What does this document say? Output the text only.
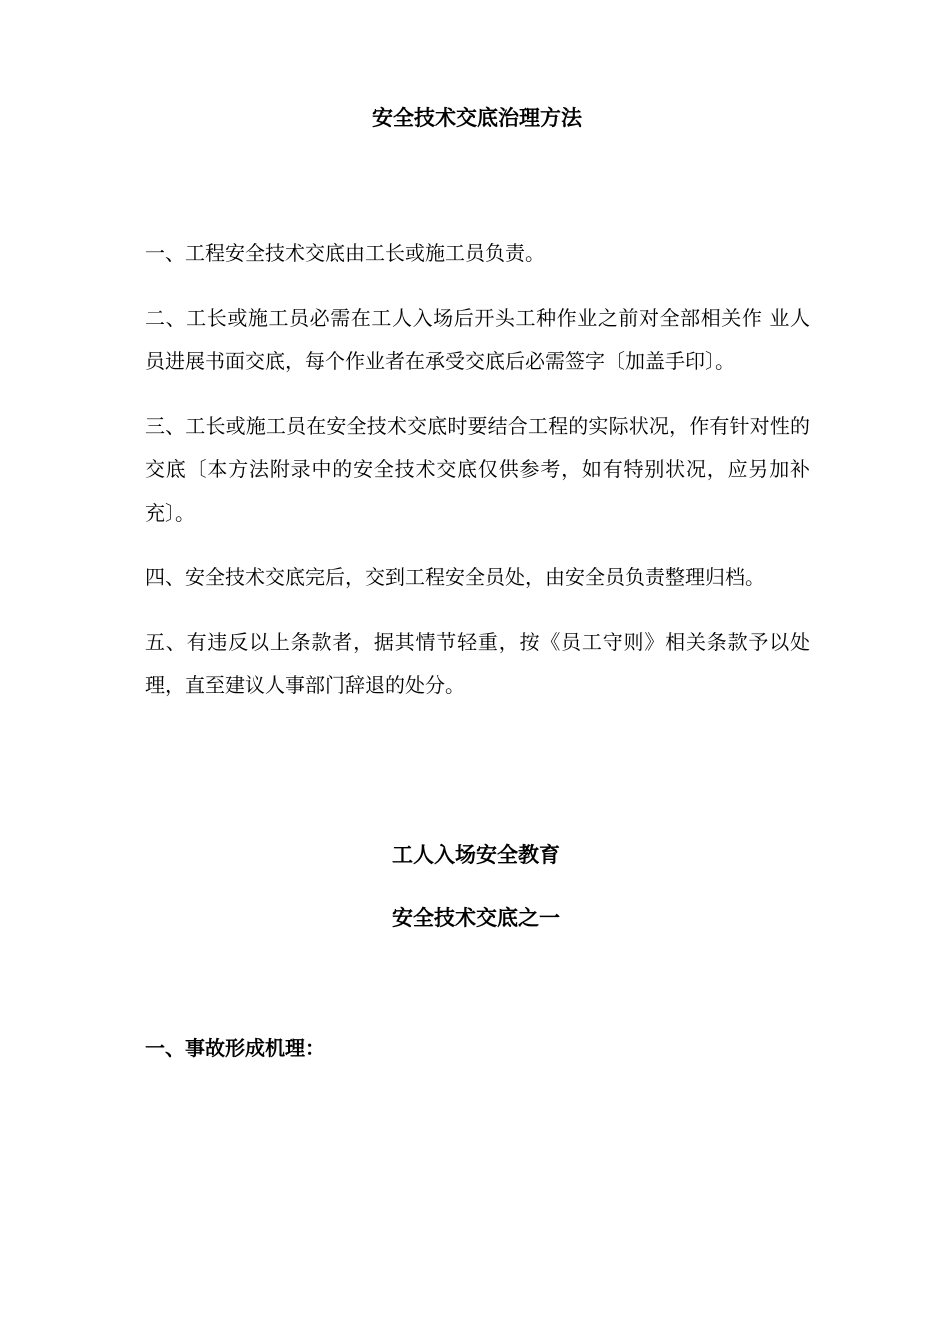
安全技术交底治理方法

一、工程安全技术交底由工长或施工员负责。

二、工长或施工员必需在工人入场后开头工种作业之前对全部相关作 业人员进展书面交底，每个作业者在承受交底后必需签字〔加盖手印〕。

三、工长或施工员在安全技术交底时要结合工程的实际状况，作有针对性的交底〔本方法附录中的安全技术交底仅供参考，如有特别状况，应另加补充〕。

四、安全技术交底完后，交到工程安全员处，由安全员负责整理归档。

五、有违反以上条款者，据其情节轻重，按《员工守则》相关条款予以处理，直至建议人事部门辞退的处分。

工人入场安全教育
安全技术交底之一
一、事故形成机理：
